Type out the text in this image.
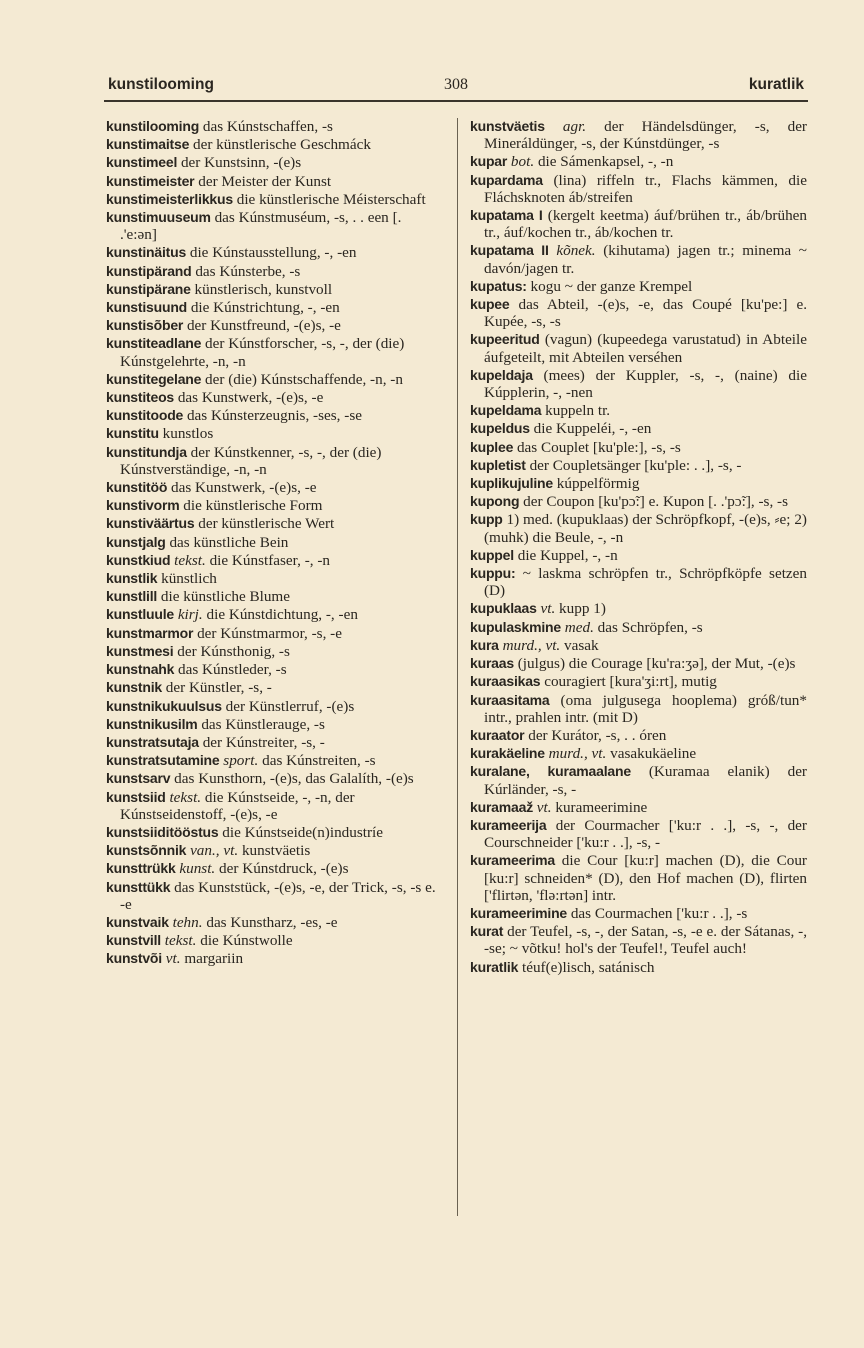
kunstilooming	308	kuratlik
kunstilooming das Kúnstschaffen, -s
kunstimaitse der künstlerische Geschmáck
kunstimeel der Kunstsinn, -(e)s
kunstimeister der Meister der Kunst
kunstimeisterlikkus die künstlerische Méisterschaft
kunstimuuseum das Kúnstmuséum, -s, . . een [. .'e:ən]
kunstinäitus die Kúnstausstellung, -, -en
kunstipärand das Kúnsterbe, -s
kunstipärane künstlerisch, kunstvoll
kunstisuund die Kúnstrichtung, -, -en
kunstisõber der Kunstfreund, -(e)s, -e
kunstiteadlane der Kúnstforscher, -s, -, der (die) Kúnstgelehrte, -n, -n
kunstitegelane der (die) Kúnstschaffende, -n, -n
kunstiteos das Kunstwerk, -(e)s, -e
kunstitoode das Kúnsterzeugnis, -ses, -se
kunstitu kunstlos
kunstitundja der Kúnstkenner, -s, -, der (die) Kúnstverständige, -n, -n
kunstitöö das Kunstwerk, -(e)s, -e
kunstivorm die künstlerische Form
kunstiväärtus der künstlerische Wert
kunstjalg das künstliche Bein
kunstkiud tekst. die Kúnstfaser, -, -n
kunstlik künstlich
kunstlill die künstliche Blume
kunstluule kirj. die Kúnstdichtung, -, -en
kunstmarmor der Kúnstmarmor, -s, -e
kunstmesi der Kúnsthonig, -s
kunstnahk das Kúnstleder, -s
kunstnik der Künstler, -s, -
kunstnikukuulsus der Künstlerruf, -(e)s
kunstnikusilm das Künstlerauge, -s
kunstratsutaja der Kúnstreiter, -s, -
kunstratsutamine sport. das Kúnstreiten, -s
kunstsarv das Kunsthorn, -(e)s, das Galalíth, -(e)s
kunstsiid tekst. die Kúnstseide, -, -n, der Kúnstseidenstoff, -(e)s, -e
kunstsiiditööstus die Kúnstseide(n)industríe
kunstsõnnik van., vt. kunstväetis
kunsttrükk kunst. der Kúnstdruck, -(e)s
kunsttükk das Kunststück, -(e)s, -e, der Trick, -s, -s e. -e
kunstvaik tehn. das Kunstharz, -es, -e
kunstvill tekst. die Kúnstwolle
kunstvõi vt. margariin
kunstväetis agr. der Händelsdünger, -s, der Mineráldünger, -s, der Kúnstdünger, -s
kupar bot. die Sámenkapsel, -, -n
kupardama (lina) riffeln tr., Flachs kämmen, die Fláchsknoten áb/streifen
kupatama I (kergelt keetma) áuf/brühen tr., áb/brühen tr., áuf/kochen tr., áb/kochen tr.
kupatama II kõnek. (kihutama) jagen tr.; minema ~ davón/jagen tr.
kupatus: kogu ~ der ganze Krempel
kupee das Abteil, -(e)s, -e, das Coupé [ku'pe:] e. Kupée, -s, -s
kupeeritud (vagun) (kupeedega varustatud) in Abteile áufgeteilt, mit Abteilen verséhen
kupeldaja (mees) der Kuppler, -s, -, (naine) die Kúpplerin, -, -nen
kupeldama kuppeln tr.
kupeldus die Kuppeléi, -, -en
kuplee das Couplet [ku'ple:], -s, -s
kupletist der Coupletsänger [ku'ple: . .], -s, -
kuplikujuline kúppelförmig
kupong der Coupon [ku'pɔ̃:] e. Kupon [. .'pɔ̃:], -s, -s
kupp 1) med. (kupuklaas) der Schröpfkopf, -(e)s, ⸗e; 2) (muhk) die Beule, -, -n
kuppel die Kuppel, -, -n
kuppu: ~ laskma schröpfen tr., Schröpfköpfe setzen (D)
kupuklaas vt. kupp 1)
kupulaskmine med. das Schröpfen, -s
kura murd., vt. vasak
kuraas (julgus) die Courage [ku'ra:ʒə], der Mut, -(e)s
kuraasikas couragiert [kura'ʒi:rt], mutig
kuraasitama (oma julgusega hooplema) gróß/tun* intr., prahlen intr. (mit D)
kuraator der Kurátor, -s, . . óren
kurakäeline murd., vt. vasakukäeline
kuralane, kuramaalane (Kuramaa elanik) der Kúrländer, -s, -
kuramaaž vt. kurameerimine
kurameerija der Courmacher ['ku:r . .], -s, -, der Courschneider ['ku:r . .], -s, -
kurameerima die Cour [ku:r] machen (D), die Cour [ku:r] schneiden* (D), den Hof machen (D), flirten ['flirtən, 'flə:rtən] intr.
kurameerimine das Courmachen ['ku:r . .], -s
kurat der Teufel, -s, -, der Satan, -s, -e e. der Sátanas, -, -se; ~ võtku! hol's der Teufel!, Teufel auch!
kuratlik téuf(e)lisch, satánisch
